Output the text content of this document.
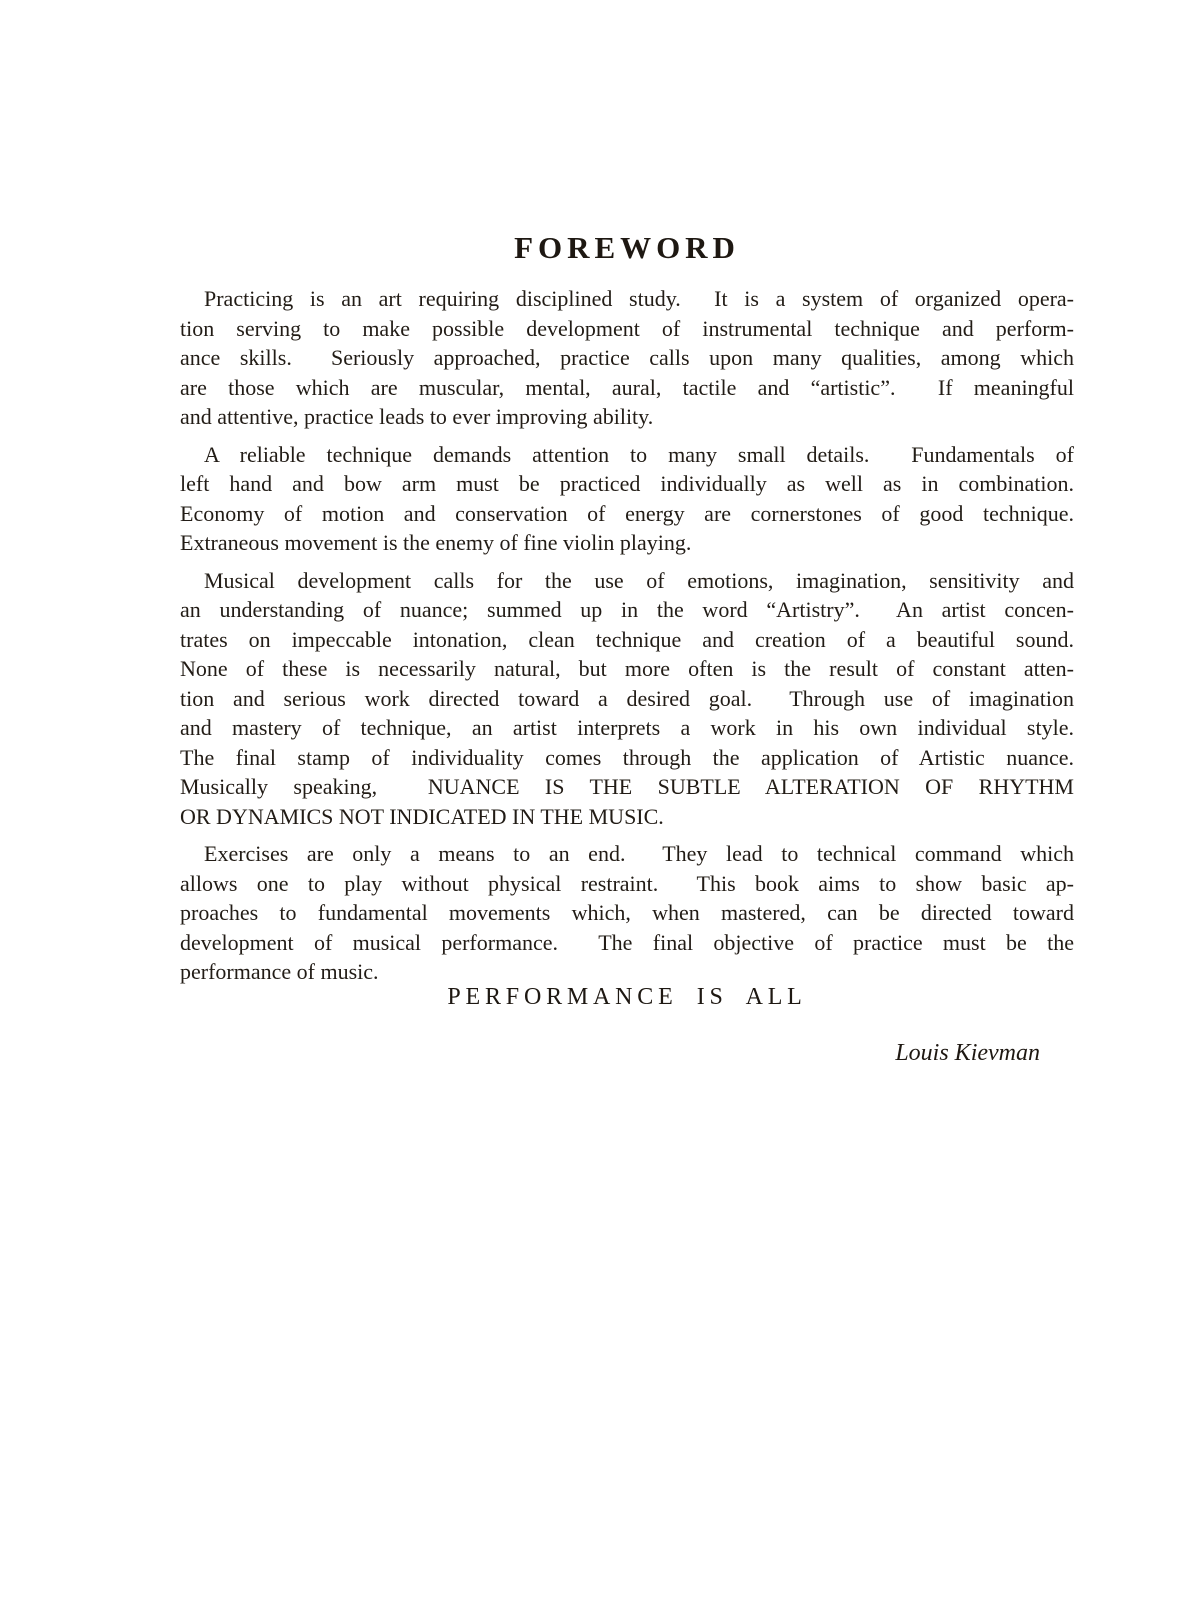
FOREWORD
Practicing is an art requiring disciplined study.  It is a system of organized opera-
tion serving to make possible development of instrumental technique and perform-
ance skills.  Seriously approached, practice calls upon many qualities, among which
are those which are muscular, mental, aural, tactile and “artistic”.  If meaningful
and attentive, practice leads to ever improving ability.
A reliable technique demands attention to many small details.  Fundamentals of
left hand and bow arm must be practiced individually as well as in combination.
Economy of motion and conservation of energy are cornerstones of good technique.
Extraneous movement is the enemy of fine violin playing.
Musical development calls for the use of emotions, imagination, sensitivity and
an understanding of nuance; summed up in the word “Artistry”.  An artist concen-
trates on impeccable intonation, clean technique and creation of a beautiful sound.
None of these is necessarily natural, but more often is the result of constant atten-
tion and serious work directed toward a desired goal.  Through use of imagination
and mastery of technique, an artist interprets a work in his own individual style.
The final stamp of individuality comes through the application of Artistic nuance.
Musically speaking,  NUANCE IS THE SUBTLE ALTERATION OF RHYTHM
OR DYNAMICS NOT INDICATED IN THE MUSIC.
Exercises are only a means to an end.  They lead to technical command which
allows one to play without physical restraint.  This book aims to show basic ap-
proaches to fundamental movements which, when mastered, can be directed toward
development of musical performance.  The final objective of practice must be the
performance of music.
PERFORMANCE IS ALL
Louis Kievman
